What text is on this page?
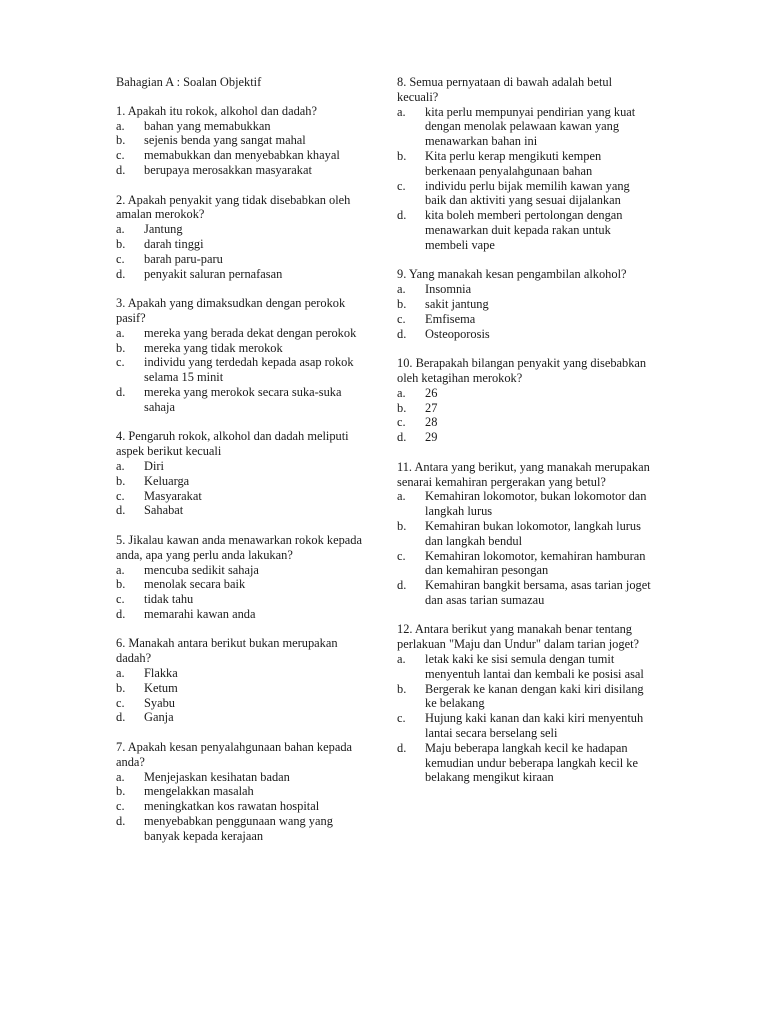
Bahagian A : Soalan Objektif
1. Apakah itu rokok, alkohol dan dadah?
a.	bahan yang memabukkan
b.	sejenis benda yang sangat mahal
c.	memabukkan dan menyebabkan khayal
d.	berupaya merosakkan masyarakat
2. Apakah penyakit yang tidak disebabkan oleh amalan merokok?
a.	Jantung
b.	darah tinggi
c.	barah paru-paru
d.	penyakit saluran pernafasan
3. Apakah yang dimaksudkan dengan perokok pasif?
a.	mereka yang berada dekat dengan perokok
b.	mereka yang tidak merokok
c.	individu yang terdedah kepada asap rokok selama 15 minit
d.	mereka yang merokok secara suka-suka sahaja
4. Pengaruh rokok, alkohol dan dadah meliputi aspek berikut kecuali
a.	Diri
b.	Keluarga
c.	Masyarakat
d.	Sahabat
5. Jikalau kawan anda menawarkan rokok kepada anda, apa yang perlu anda lakukan?
a.	mencuba sedikit sahaja
b.	menolak secara baik
c.	tidak tahu
d.	memarahi kawan anda
6. Manakah antara berikut bukan merupakan dadah?
a.	Flakka
b.	Ketum
c.	Syabu
d.	Ganja
7. Apakah kesan penyalahgunaan bahan kepada anda?
a.	Menjejaskan kesihatan badan
b.	mengelakkan masalah
c.	meningkatkan kos rawatan hospital
d.	menyebabkan penggunaan wang yang banyak kepada kerajaan
8. Semua pernyataan di bawah adalah betul kecuali?
a.	kita perlu mempunyai pendirian yang kuat dengan menolak pelawaan kawan yang menawarkan bahan ini
b.	Kita perlu kerap mengikuti kempen berkenaan penyalahgunaan bahan
c.	individu perlu bijak memilih kawan yang baik dan aktiviti yang sesuai dijalankan
d.	kita boleh memberi pertolongan dengan menawarkan duit kepada rakan untuk membeli vape
9. Yang manakah kesan pengambilan alkohol?
a.	Insomnia
b.	sakit jantung
c.	Emfisema
d.	Osteoporosis
10. Berapakah bilangan penyakit yang disebabkan oleh ketagihan merokok?
a.	26
b.	27
c.	28
d.	29
11. Antara yang berikut, yang manakah merupakan senarai kemahiran pergerakan yang betul?
a.	Kemahiran lokomotor, bukan lokomotor dan langkah lurus
b.	Kemahiran bukan lokomotor, langkah lurus dan langkah bendul
c.	Kemahiran lokomotor, kemahiran hamburan dan kemahiran pesongan
d.	Kemahiran bangkit bersama, asas tarian joget dan asas tarian sumazau
12. Antara berikut yang manakah benar tentang perlakuan "Maju dan Undur" dalam tarian joget?
a.	letak kaki ke sisi semula dengan tumit menyentuh lantai dan kembali ke posisi asal
b.	Bergerak ke kanan dengan kaki kiri disilang ke belakang
c.	Hujung kaki kanan dan kaki kiri menyentuh lantai secara berselang seli
d.	Maju beberapa langkah kecil ke hadapan kemudian undur beberapa langkah kecil ke belakang mengikut kiraan
